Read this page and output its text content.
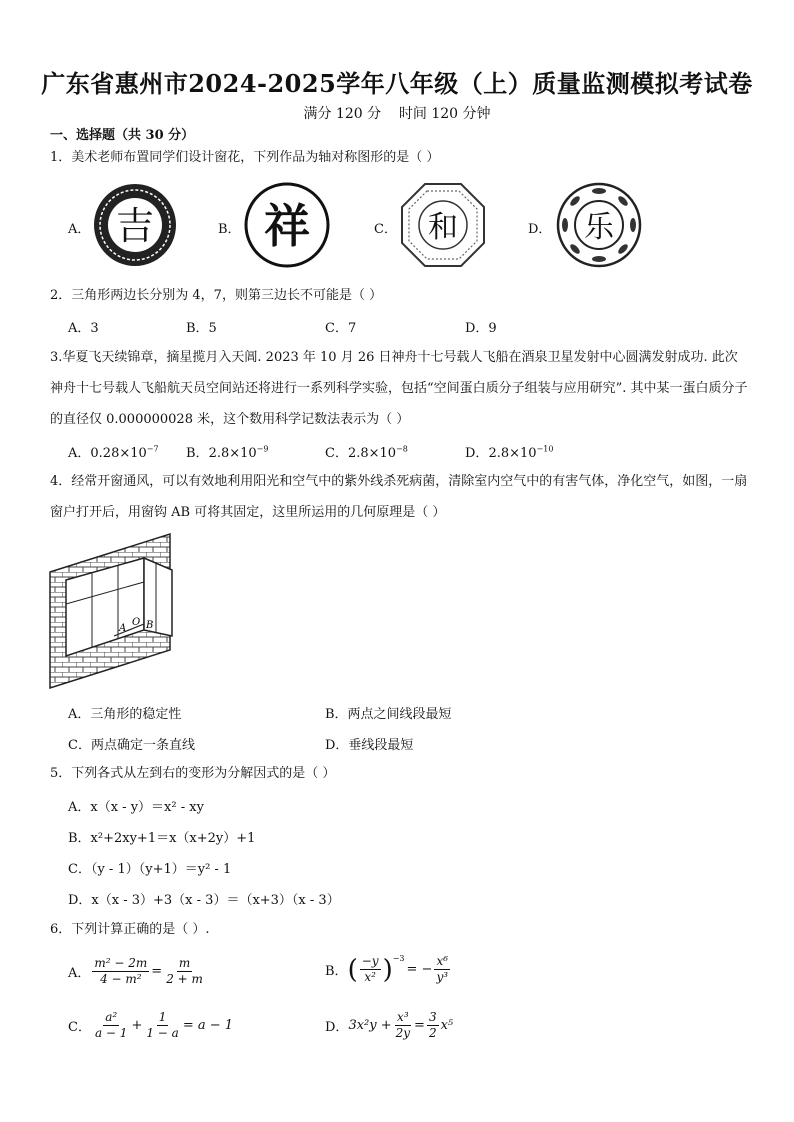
广东省惠州市2024-2025学年八年级（上）质量监测模拟考试卷
满分 120 分    时间 120 分钟
一、选择题（共 30 分）
1．美术老师布置同学们设计窗花，下列作品为轴对称图形的是（ ）
A． 吉	B． 祥	C． 和	D． 乐
2．三角形两边长分别为 4，7，则第三边长不可能是（ ）
A．3	B．5	C．7	D．9
3.华夏飞天续锦章，摘星揽月入天阊. 2023 年 10 月 26 日神舟十七号载人飞船在酒泉卫星发射中心圆满发射成功. 此次神舟十七号载人飞船航天员空间站还将进行一系列科学实验，包括“空间蛋白质分子组装与应用研究”. 其中某一蛋白质分子的直径仅 0.000000028 米，这个数用科学记数法表示为（ ）
A．$0.28\times 10^{-7}$ B．$2.8\times 10^{-9}$	C．$2.8\times 10^{-8}$	D．$2.8\times 10^{-10}$
4．经常开窗通风，可以有效地利用阳光和空气中的紫外线杀死病菌，清除室内空气中的有害气体，净化空气，如图，一扇窗户打开后，用窗钩 AB 可将其固定，这里所运用的几何原理是（ ）
A
O B
A．三角形的稳定性	B．两点之间线段最短
C．两点确定一条直线	D．垂线段最短
5．下列各式从左到右的变形为分解因式的是（ ）
A．x（x - y）＝x² - xy
B．x²+2xy+1＝x（x+2y）+1
C．（y - 1）（y+1）＝y² - 1
D．x（x - 3）+3（x - 3）＝（x+3）（x - 3）
6．下列计算正确的是（ ）.
A． $\frac{\text{m² − 2m}}{\text{4 − m²}} = \frac{m}{2 + m}$	B． ( $\frac{-y}{\text{x²}} )^{-3}$
= − $\frac{\text{x⁶}}{\text{y³}}$
C． $\frac{\text{a²}}{a - 1} + \frac{1}{1 - a} = a - 1$	D． $3x^2y + \frac{\text{x³}}{2y} = \frac{3}{2} x^5$
